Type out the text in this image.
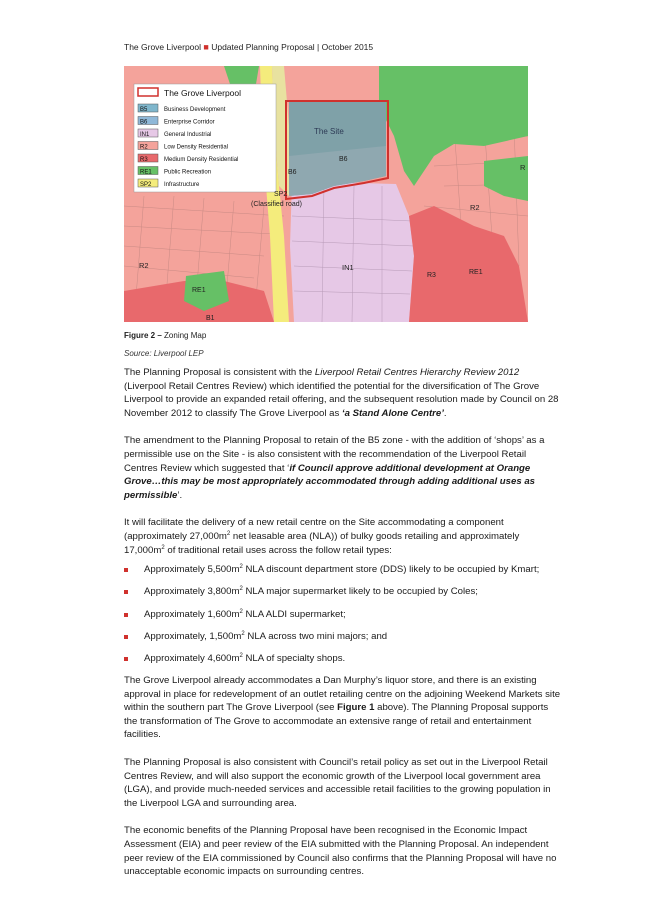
The Grove Liverpool ■ Updated Planning Proposal | October 2015
The Grove Liverpool
B5	Business Development
B6	Enterprise Corridor
IN1 General Industrial
R2	Low Density Residential
R3	Medium Density Residential
RE1 Public Recreation
SP2 Infrastructure
The Site
B6
B6
SP2
(Classified road)	R2
R
R2	IN1
R3	RE1
RE1
B1
Figure 2 – Zoning Map
Source: Liverpool LEP

The Planning Proposal is consistent with the Liverpool Retail Centres Hierarchy Review 2012 (Liverpool Retail Centres Review) which identified the potential for the diversification of The Grove Liverpool to provide an expanded retail offering, and the subsequent resolution made by Council on 28 November 2012 to classify The Grove Liverpool as ‘a Stand Alone Centre’.

The amendment to the Planning Proposal to retain of the B5 zone - with the addition of ‘shops’ as a permissible use on the Site - is also consistent with the recommendation of the Liverpool Retail Centres Review which suggested that ‘if Council approve additional development at Orange Grove…this may be most appropriately accommodated through adding additional uses as permissible’.

It will facilitate the delivery of a new retail centre on the Site accommodating a component (approximately $27,000m^2$ net leasable area (NLA)) of bulky goods retailing and approximately $17,000m^2$ of traditional retail uses across the follow retail types:

Approximately $5,500m^2$ NLA discount department store (DDS) likely to be occupied by Kmart;
Approximately $3,800m^2$ NLA major supermarket likely to be occupied by Coles;
Approximately $1,600m^2$ NLA ALDI supermarket;
Approximately, $1,500m^2$ NLA across two mini majors; and
Approximately $4,600m^2$ NLA of specialty shops.

The Grove Liverpool already accommodates a Dan Murphy’s liquor store, and there is an existing approval in place for redevelopment of an outlet retailing centre on the adjoining Weekend Markets site within the southern part The Grove Liverpool (see Figure 1 above). The Planning Proposal supports the transformation of The Grove to accommodate an extensive range of retail and entertainment facilities.

The Planning Proposal is also consistent with Council’s retail policy as set out in the Liverpool Retail Centres Review, and will also support the economic growth of the Liverpool local government area (LGA), and provide much-needed services and accessible retail facilities to the growing population in the Liverpool LGA and surrounding area.

The economic benefits of the Planning Proposal have been recognised in the Economic Impact Assessment (EIA) and peer review of the EIA submitted with the Planning Proposal. An independent peer review of the EIA commissioned by Council also confirms that the Planning Proposal will have no unacceptable economic impacts on surrounding centres.
